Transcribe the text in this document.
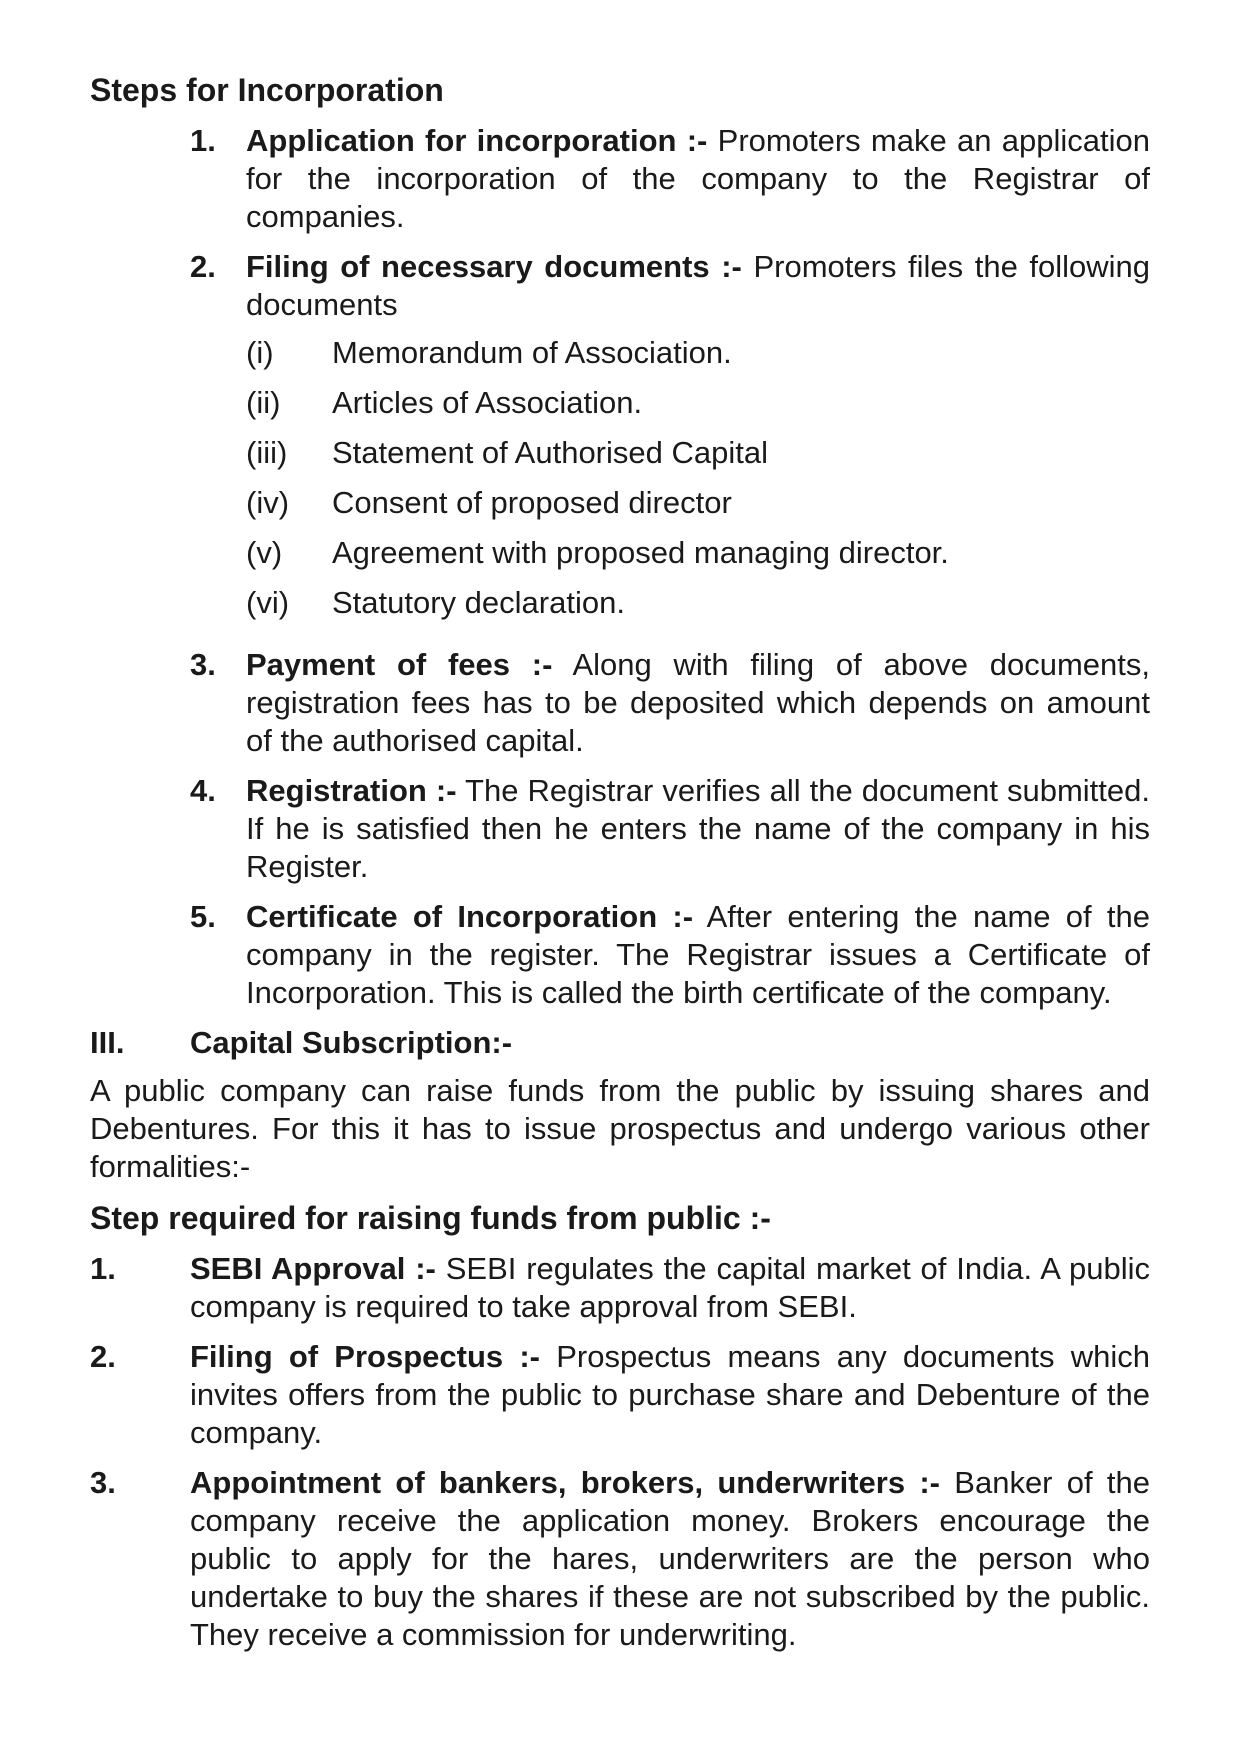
Steps for Incorporation
1. Application for incorporation :- Promoters make an application for the incorporation of the company to the Registrar of companies.
2. Filing of necessary documents :- Promoters files the following documents
(i)	Memorandum of Association.
(ii)	Articles of Association.
(iii)	Statement of Authorised Capital
(iv)	Consent of proposed director
(v)	Agreement with proposed managing director.
(vi)	Statutory declaration.
3. Payment of fees :- Along with filing of above documents, registration fees has to be deposited which depends on amount of the authorised capital.
4. Registration :- The Registrar verifies all the document submitted. If he is satisfied then he enters the name of the company in his Register.
5. Certificate of Incorporation :- After entering the name of the company in the register. The Registrar issues a Certificate of Incorporation. This is called the birth certificate of the company.
III.	Capital Subscription:-

A public company can raise funds from the public by issuing shares and Debentures. For this it has to issue prospectus and undergo various other formalities:-

Step required for raising funds from public :-
1.	SEBI Approval :- SEBI regulates the capital market of India. A public company is required to take approval from SEBI.
2.	Filing of Prospectus :- Prospectus means any documents which invites offers from the public to purchase share and Debenture of the company.
3.	Appointment of bankers, brokers, underwriters :- Banker of the company receive the application money. Brokers encourage the public to apply for the hares, underwriters are the person who undertake to buy the shares if these are not subscribed by the public. They receive a commission for underwriting.
